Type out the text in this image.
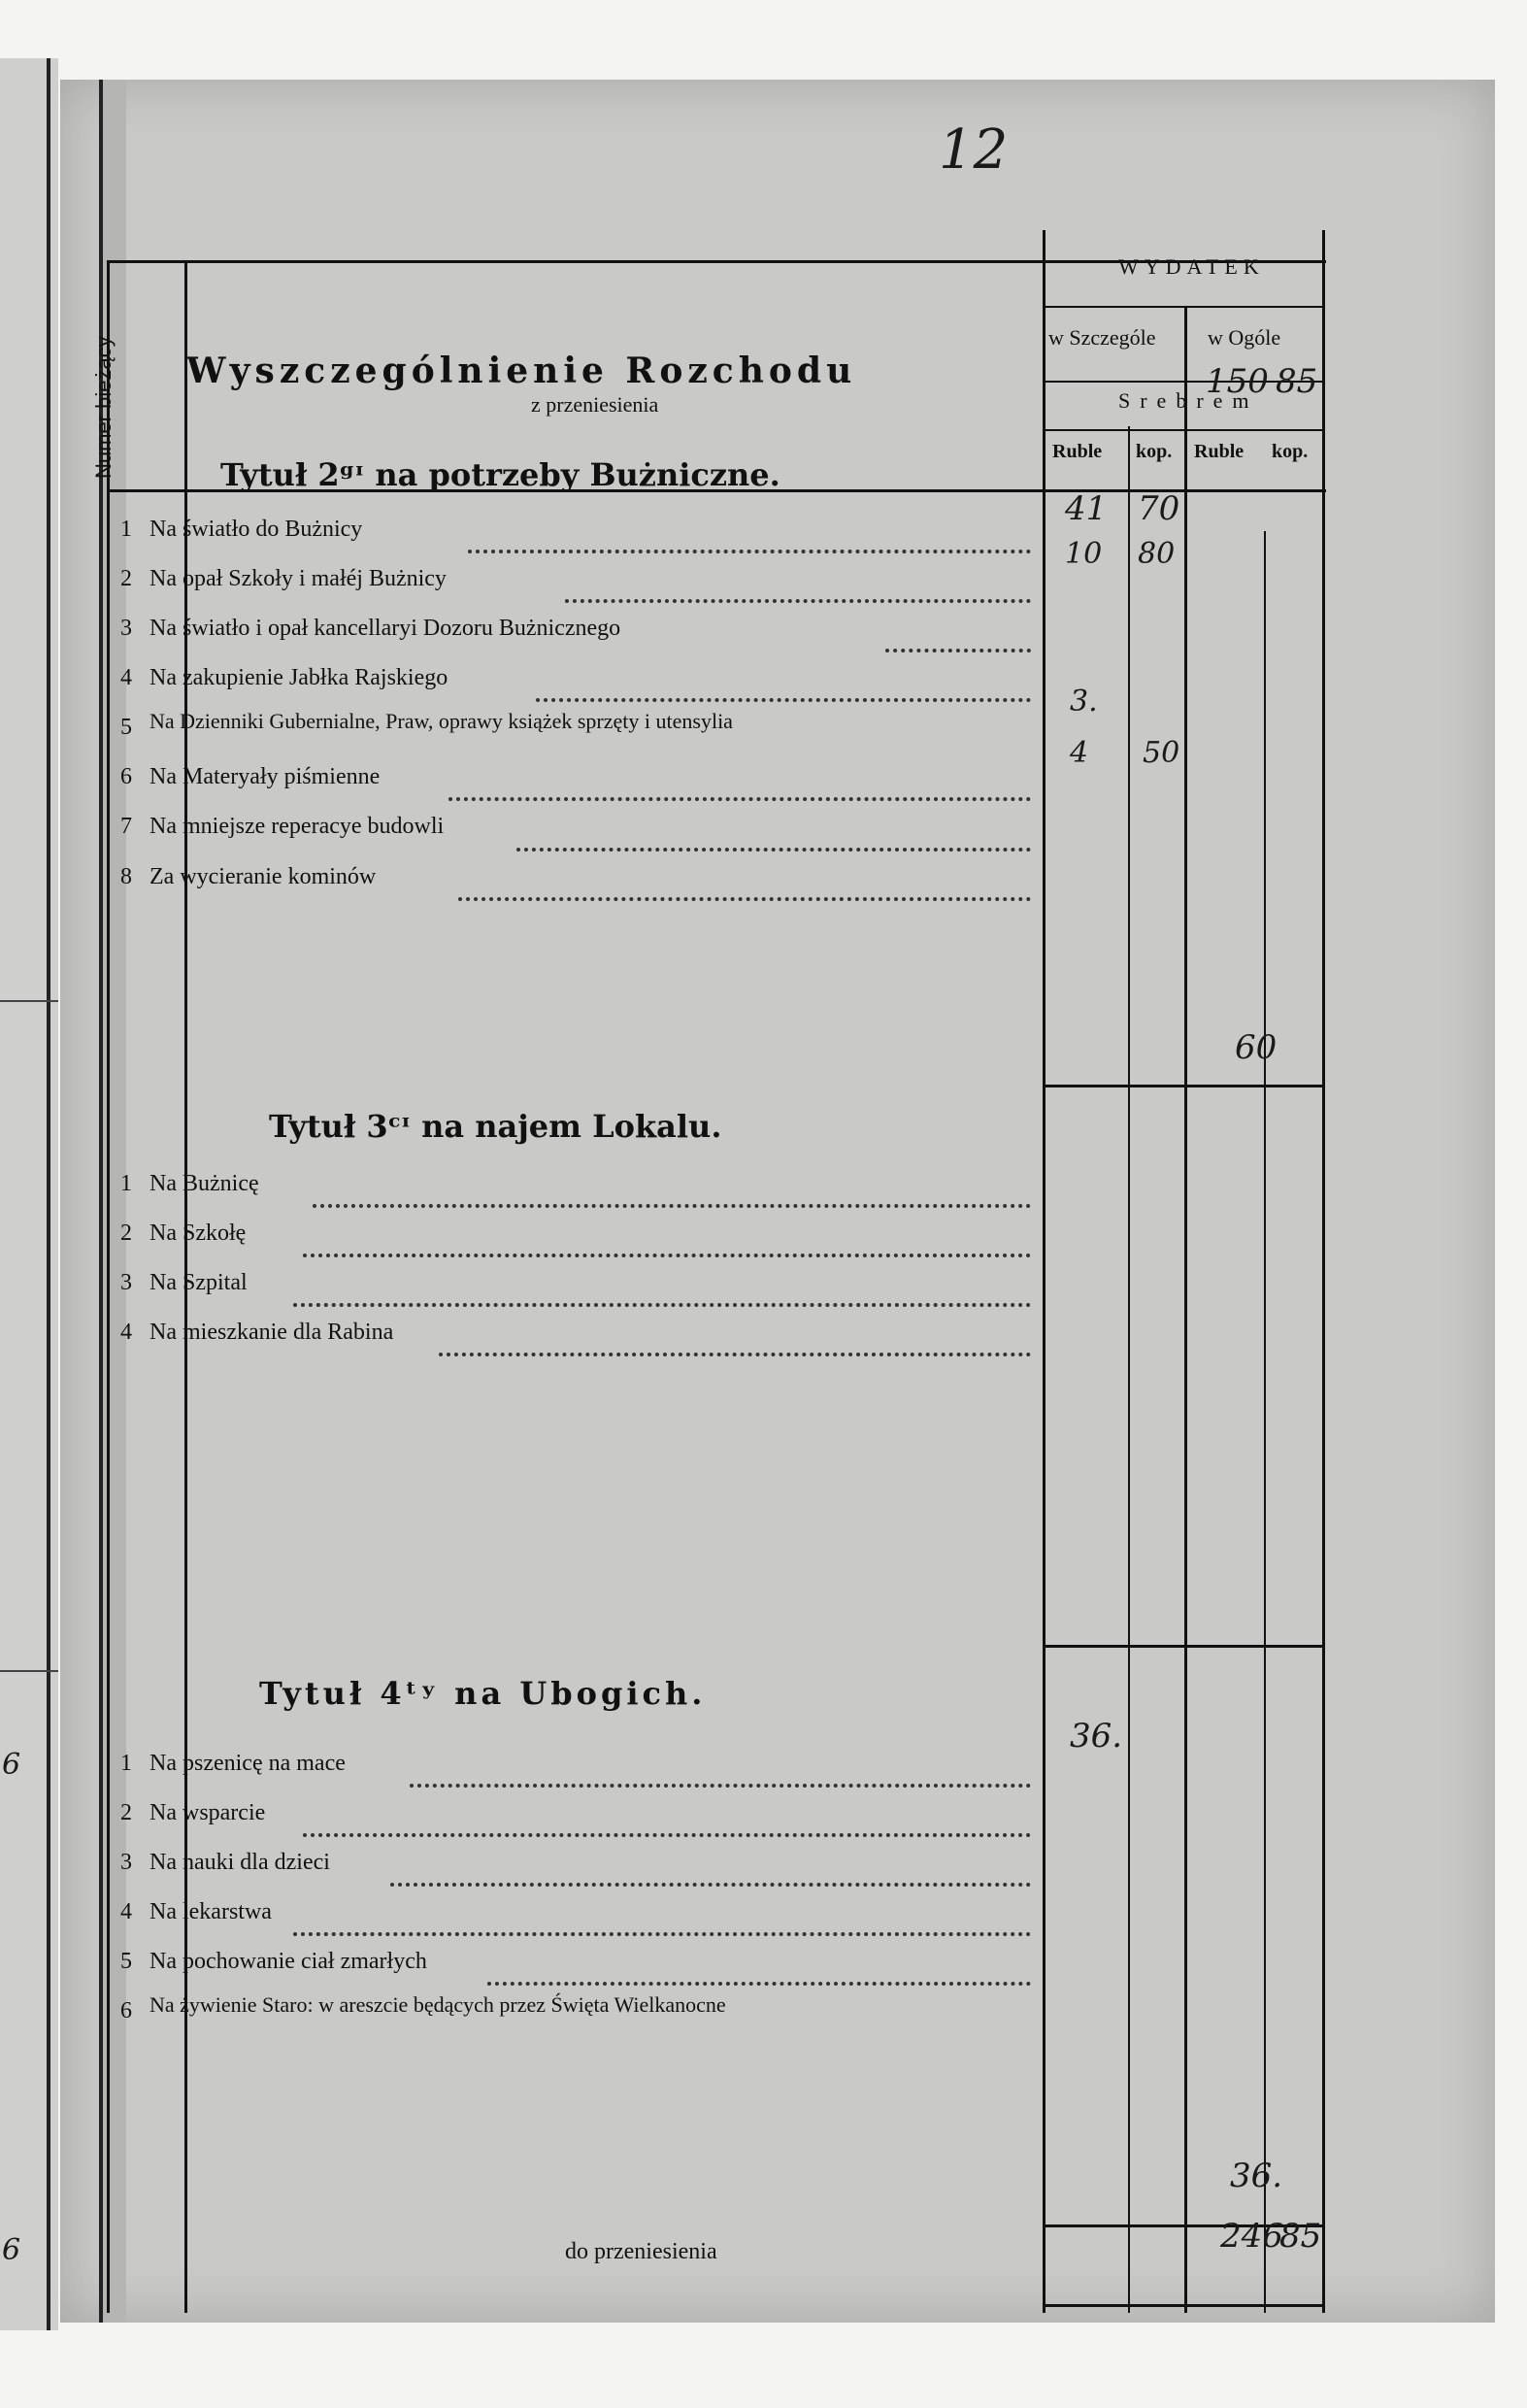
6
6
Numer bieżący Wyszczególnienie Rozchodu
WYDATEK
w Szczególe w Ogóle
Srebrem
Ruble kop. Ruble kop.
12
z przeniesienia
150 85
Tytuł 2ᵍᶦ na potrzeby Bużniczne.
1 Na światło do Bużnicy
41 70
2 Na opał Szkoły i małéj Bużnicy
10 80
3 Na światło i opał kancellaryi Dozoru Bużnicznego
4 Na zakupienie Jabłka Rajskiego
5 Na Dzienniki Gubernialne, Praw, oprawy książek sprzęty i utensylia
3.
6 Na Materyały piśmienne
4 50
7 Na mniejsze reperacye budowli
8 Za wycieranie kominów
60
Tytuł 3ᶜᶦ na najem Lokalu.
1 Na Bużnicę
2 Na Szkołę
3 Na Szpital
4 Na mieszkanie dla Rabina
Tytuł 4ᵗʸ na Ubogich.
1 Na pszenicę na mace
36.
2 Na wsparcie
3 Na nauki dla dzieci
4 Na lekarstwa
5 Na pochowanie ciał zmarłych
6 Na żywienie Staro: w areszcie będących przez Święta Wielkanocne
36.
do przeniesienia	246
85
